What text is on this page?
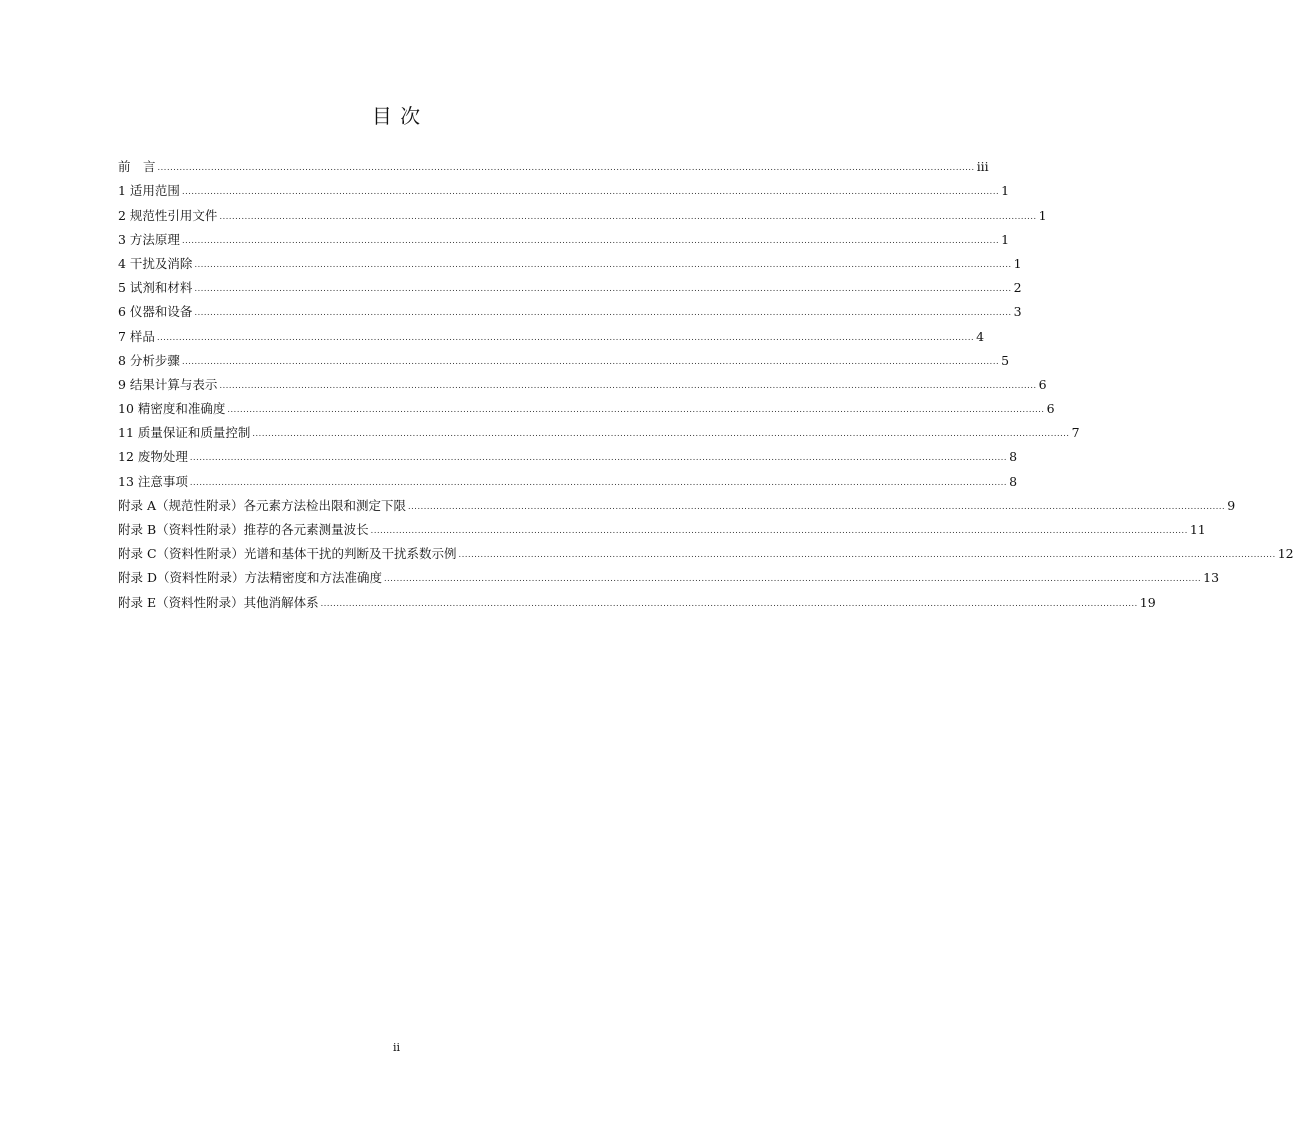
目 次
前　言 .................................................................................................................................................................................................................................................................... iii
1 适用范围 .................................................................................................................................................................................................................................................................... 1
2 规范性引用文件 .................................................................................................................................................................................................................................................................... 1
3 方法原理 .................................................................................................................................................................................................................................................................... 1
4 干扰及消除 .................................................................................................................................................................................................................................................................... 1
5 试剂和材料 .................................................................................................................................................................................................................................................................... 2
6 仪器和设备 .................................................................................................................................................................................................................................................................... 3
7 样品 .................................................................................................................................................................................................................................................................... 4
8 分析步骤 .................................................................................................................................................................................................................................................................... 5
9 结果计算与表示 .................................................................................................................................................................................................................................................................... 6
10 精密度和准确度 .................................................................................................................................................................................................................................................................... 6
11 质量保证和质量控制 .................................................................................................................................................................................................................................................................... 7
12 废物处理 .................................................................................................................................................................................................................................................................... 8
13 注意事项 .................................................................................................................................................................................................................................................................... 8
附录 A（规范性附录）各元素方法检出限和测定下限 .................................................................................................................................................................................................................................................................... 9
附录 B（资料性附录）推荐的各元素测量波长 .................................................................................................................................................................................................................................................................... 11
附录 C（资料性附录）光谱和基体干扰的判断及干扰系数示例 .................................................................................................................................................................................................................................................................... 12
附录 D（资料性附录）方法精密度和方法准确度 .................................................................................................................................................................................................................................................................... 13
附录 E（资料性附录）其他消解体系 .................................................................................................................................................................................................................................................................... 19
ii
